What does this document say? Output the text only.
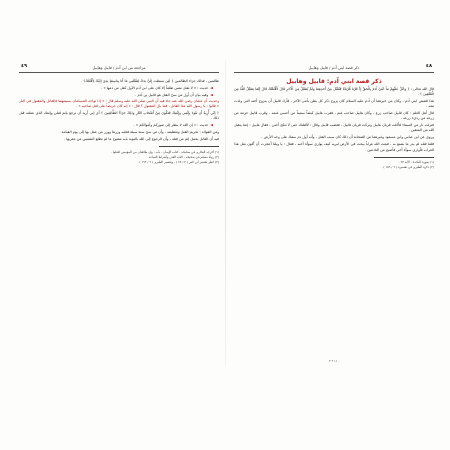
٤٩	مراجعة من ابن آدم / قابيل وهابيل

ظالمين ، فذلك جزاء الظالمين ﴿ لَئِن بَسَطتَ إِلَيَّ يَدَكَ لِتَقْتُلَنِي مَا أَنَا بِبَاسِطٍ يَدِيَ إِلَيْكَ لِأَقْتُلَكَ﴾ .

◄حديث : « لا تقتل نفس ظلماً إلا كان على ابن آدم الأول كفل من دمها » .

◄وفيه بيان أن أول من سنّ القتل هو قابيل بن آدم .

وحديث أن عثمان رضي الله عنه جاء فيه أن النبي صلى الله عليه وسلم قال : « إذا تواجه المسلمان بسيفيهما فالقاتل والمقتول في النار » قالوا : يا رسول الله هذا القاتل ، فما بال المقتول ؟ قال : « إنه كان حريصاً على قتل صاحبه » .

﴿ إِنِّي أُرِيدُ أَن تَبُوءَ بِإِثْمِي وَإِثْمِكَ فَتَكُونَ مِنْ أَصْحَابِ النَّارِ وَذَلِكَ جَزَاءُ الظَّالِمِينَ ﴾ أي إني أريد أن ترجع بإثم قتلي وإثمك الذي عملته قبل ذلك .

◄حديث : « إن الله لا ينظر إلى صوركم وأموالكم » .

ومن الفوائد : تحريم القتل وتعظيمه ، وأن من سنّ سنة سيئة فعليه وزرها ووزر من عمل بها إلى يوم القيامة .

فيه أن القاتل يحمل إثم من قتله ، وأن الرجوع إلى الله بالتوبة بابه مفتوح ما لم تطلع الشمس من مغربها .

(١) أخرجه البخاري في صحيحه ، كتاب الإيمان ، باب : وإن طائفتان من المؤمنين اقتتلوا .

(٢) رواه مسلم في صحيحه ، كتاب الفتن وأشراط الساعة .

(٣) انظر تفسير ابن كثير ( ٢ / ٤٧ ) ، وتفسير الطبري ( ٦ / ١٩٢ ) .

٤٨
ذكر قصة ابني آدم / قابيل وهابيل
ذكر قصة ابني آدم: قابيل وهابيل

قال الله تعالى : ﴿ وَاتْلُ عَلَيْهِمْ نَبَأَ ابْنَيْ آدَمَ بِالْحَقِّ إِذْ قَرَّبَا قُرْبَانًا فَتُقُبِّلَ مِنْ أَحَدِهِمَا وَلَمْ يُتَقَبَّلْ مِنَ الْآخَرِ قَالَ لَأَقْتُلَنَّكَ قَالَ إِنَّمَا يَتَقَبَّلُ اللَّهُ مِنَ الْمُتَّقِينَ ﴾ .

هذا قصص ابني آدم ، وكان من خبرهما أن آدم عليه السلام كان يزوج ذكر كل بطن بأنثى الآخر ، فأراد قابيل أن يتزوج أخته التي ولدت معه .

قال أهل العلم : كان قابيل صاحب زرع ، وكان هابيل صاحب غنم ، فقرب هابيل كبشاً سميناً من أحسن غنمه ، وقرب قابيل حزمة من زرعه من رديء زرعه .

فنزلت نار من السماء فأكلت قربان هابيل وتركت قربان قابيل ، فغضب قابيل وقال : لأقتلنك حتى لا تنكح أختي ، فقال هابيل : إنما يتقبل الله من المتقين .

وروي عن ابن عباس وابن مسعود وغيرهما من الصحابة أن ذلك كان سبب القتل ، وأنه أول دم سفك على وجه الأرض .

فلما قتله لم يدر ما يصنع به ، فبعث الله غراباً يبحث في الأرض ليريه كيف يواري سوأة أخيه ، فقال : يا ويلتا أعجزت أن أكون مثل هذا الغراب فأواري سوأة أخي فأصبح من النادمين .

(١) سورة المائدة : الآية ٢٧ .

(٢) ذكره الطبري في تفسيره ( ٦ / ١٨٦ ) .

١١٠ ٢ ٣
